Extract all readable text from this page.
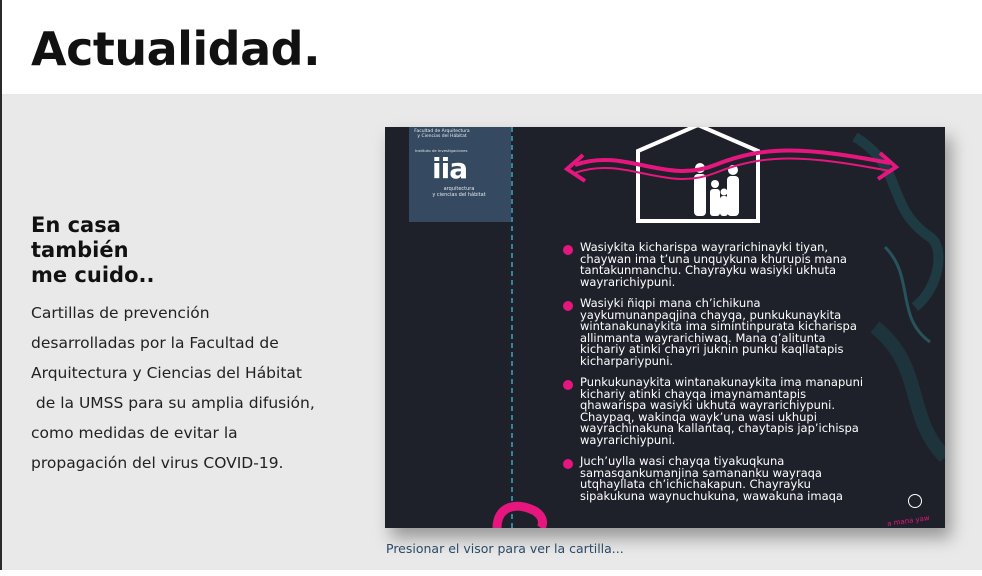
Actualidad.
En casa
también
me cuido..

Cartillas de prevención
desarrolladas por la Facultad de
Arquitectura y Ciencias del Hábitat
de la UMSS para su amplia difusión,
como medidas de evitar la
propagación del virus COVID-19.

Facultad de Arquitectura
y Ciencias del Hábitat
Instituto de Investigaciones
iia
arquitectura
y ciencias del hábitat
Wasiykita kicharispa wayrarichinayki tiyan,
chaywan ima t’una unquykuna khurupis mana
tantakunmanchu. Chayrayku wasiyki ukhuta
wayrarichiypuni.
Wasiyki ñiqpi mana ch’ichikuna
yaykumunanpaqjina chayqa, punkukunaykita
wintanakunaykita ima simintinpurata kicharispa
allinmanta wayrarichiwaq. Mana q’alitunta
kichariy atinki chayri juknin punku kaqllatapis
kicharpariypuni.
Punkukunaykita wintanakunaykita ima manapuni
kichariy atinki chayqa imaynamantapis
qhawarispa wasiyki ukhuta wayrarichiypuni.
Chaypaq, wakinqa wayk’una wasi ukhupi
wayrachinakuna kallantaq, chaytapis jap’ichispa
wayrarichiypuni.
Juch’uylla wasi chayqa tiyakuqkuna
samasqankumanjina samananku wayraqa
utqhayllata ch’ichichakapun. Chayrayku
sipakukuna waynuchukuna, wawakuna imaqa
a mana yaw
Presionar el visor para ver la cartilla...
